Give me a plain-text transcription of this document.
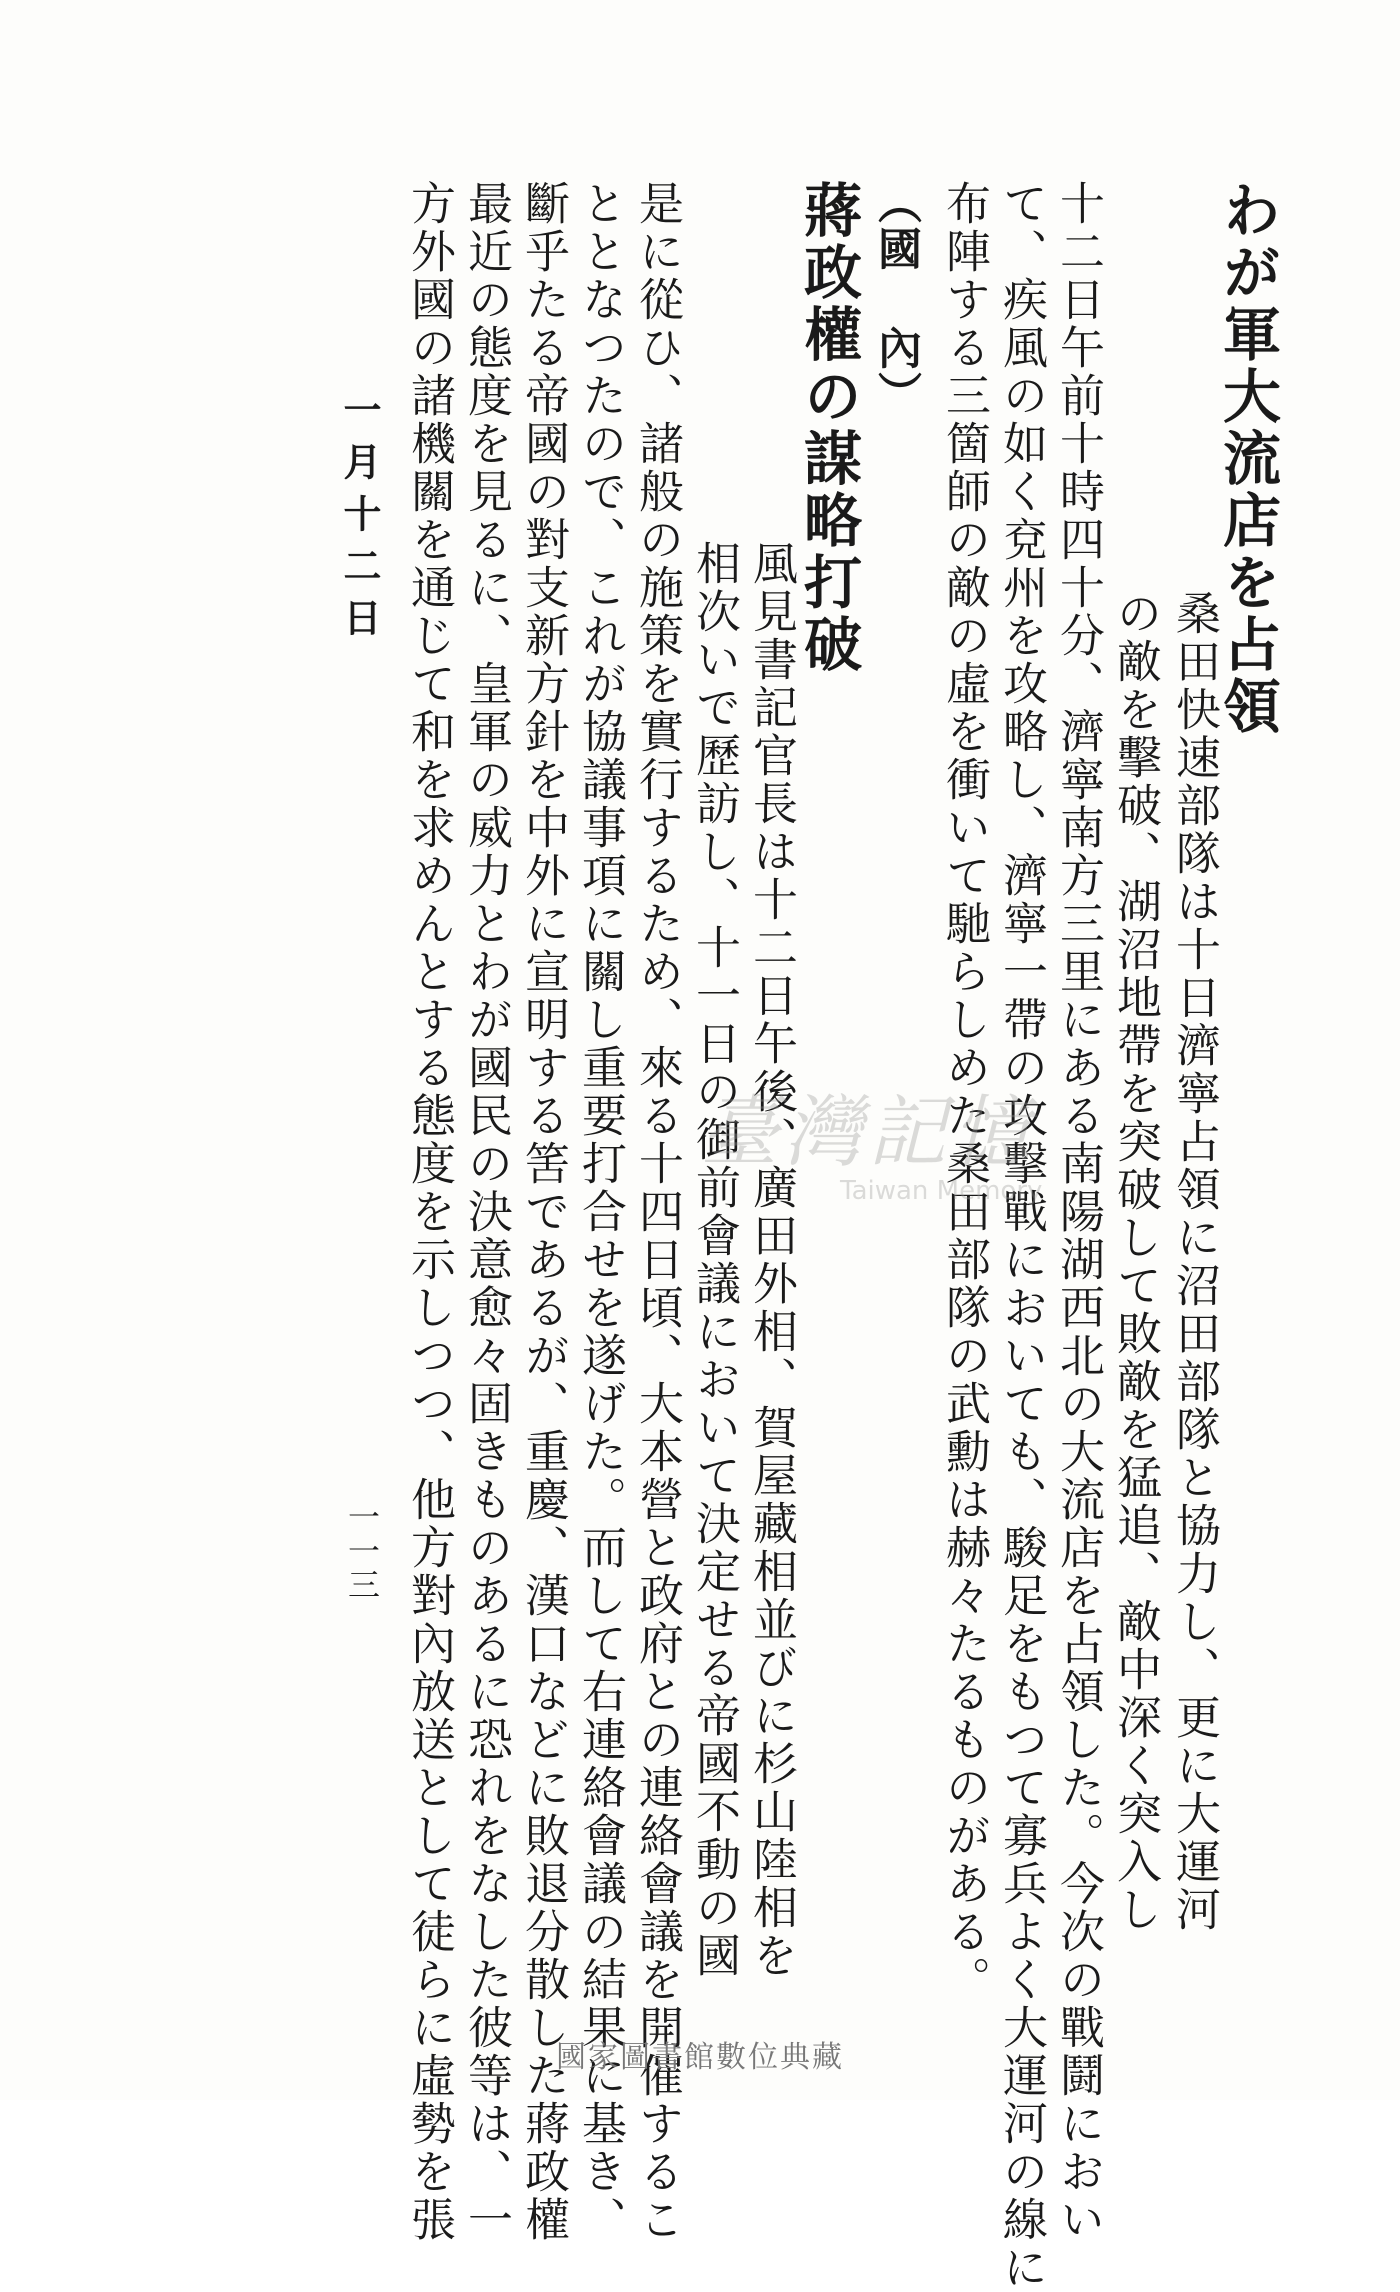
わが軍大流店を占領
桑田快速部隊は十日濟寧占領に沼田部隊と協力し、更に大運河
の敵を擊破、湖沼地帶を突破して敗敵を猛追、敵中深く突入し
十二日午前十時四十分、濟寧南方三里にある南陽湖西北の大流店を占領した。今次の戰鬪におい
て、疾風の如く兗州を攻略し、濟寧一帶の攻擊戰においても、駿足をもつて寡兵よく大運河の線に
布陣する三箇師の敵の虛を衝いて馳らしめた桑田部隊の武勳は赫々たるものがある。
（國 內）
蔣政權の謀略打破
風見書記官長は十二日午後、廣田外相、賀屋藏相並びに杉山陸相を
相次いで歷訪し、十一日の御前會議において決定せる帝國不動の國
是に從ひ、諸般の施策を實行するため、來る十四日頃、大本營と政府との連絡會議を開催するこ
ととなつたので、これが協議事項に關し重要打合せを遂げた。而して右連絡會議の結果に基き、
斷乎たる帝國の對支新方針を中外に宣明する筈であるが、重慶、漢口などに敗退分散した蔣政權
最近の態度を見るに、皇軍の威力とわが國民の決意愈々固きものあるに恐れをなした彼等は、一
方外國の諸機關を通じて和を求めんとする態度を示しつつ、他方對內放送として徒らに虛勢を張
一月十二日
一一三
臺灣記憶
Taiwan Memory
國家圖書館數位典藏
